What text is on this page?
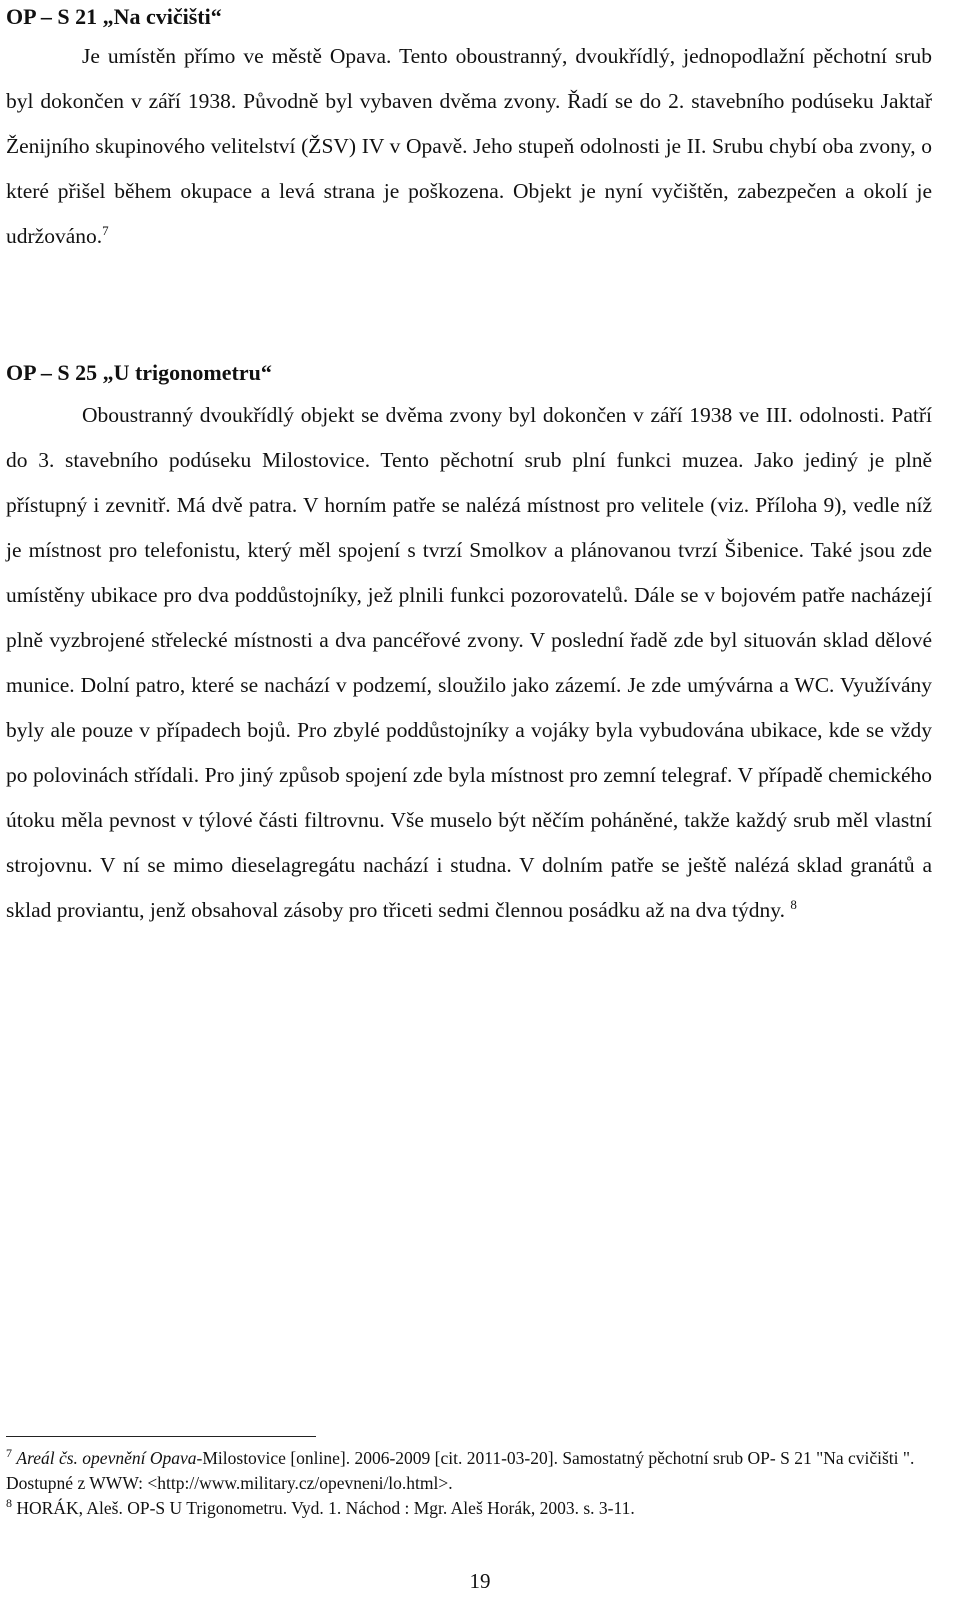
OP – S 21 „Na cvičišti“

Je umístěn přímo ve městě Opava. Tento oboustranný, dvoukřídlý, jednopodlažní pěchotní srub byl dokončen v září 1938. Původně byl vybaven dvěma zvony. Řadí se do 2. stavebního podúseku Jaktař Ženijního skupinového velitelství (ŽSV) IV v Opavě. Jeho stupeň odolnosti je II. Srubu chybí oba zvony, o které přišel během okupace a levá strana je poškozena. Objekt je nyní vyčištěn, zabezpečen a okolí je udržováno.$^7$

OP – S 25 „U trigonometru“

Oboustranný dvoukřídlý objekt se dvěma zvony byl dokončen v září 1938 ve III. odolnosti. Patří do 3. stavebního podúseku Milostovice. Tento pěchotní srub plní funkci muzea. Jako jediný je plně přístupný i zevnitř. Má dvě patra. V horním patře se nalézá místnost pro velitele (viz. Příloha 9), vedle níž je místnost pro telefonistu, který měl spojení s tvrzí Smolkov a plánovanou tvrzí Šibenice. Také jsou zde umístěny ubikace pro dva poddůstojníky, jež plnili funkci pozorovatelů. Dále se v bojovém patře nacházejí plně vyzbrojené střelecké místnosti a dva pancéřové zvony. V poslední řadě zde byl situován sklad dělové munice. Dolní patro, které se nachází v podzemí, sloužilo jako zázemí. Je zde umývárna a WC. Využívány byly ale pouze v případech bojů. Pro zbylé poddůstojníky a vojáky byla vybudována ubikace, kde se vždy po polovinách střídali. Pro jiný způsob spojení zde byla místnost pro zemní telegraf. V případě chemického útoku měla pevnost v týlové části filtrovnu. Vše muselo být něčím poháněné, takže každý srub měl vlastní strojovnu. V ní se mimo dieselagregátu nachází i studna. V dolním patře se ještě nalézá sklad granátů a sklad proviantu, jenž obsahoval zásoby pro třiceti sedmi člennou posádku až na dva týdny. $^8$

$^7$ Areál čs. opevnění Opava-Milostovice [online]. 2006-2009 [cit. 2011-03-20]. Samostatný pěchotní srub OP- S 21 "Na cvičišti ". Dostupné z WWW: <http://www.military.cz/opevneni/lo.html>.

$^8$ HORÁK, Aleš. OP-S U Trigonometru. Vyd. 1. Náchod : Mgr. Aleš Horák, 2003. s. 3-11.

19
